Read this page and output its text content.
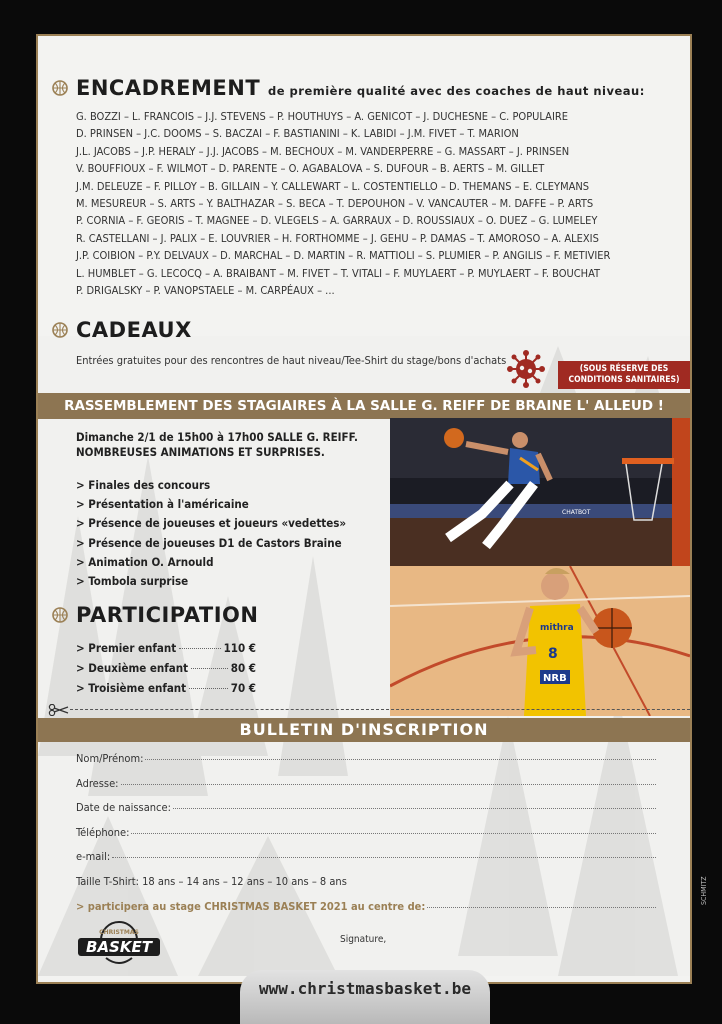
ENCADREMENT de première qualité avec des coaches de haut niveau:
G. BOZZI – L. FRANCOIS – J.J. STEVENS – P. HOUTHUYS – A. GENICOT – J. DUCHESNE – C. POPULAIRE
D. PRINSEN – J.C. DOOMS – S. BACZAI – F. BASTIANINI – K. LABIDI – J.M. FIVET – T. MARION
J.L. JACOBS – J.P. HERALY – J.J. JACOBS – M. BECHOUX – M. VANDERPERRE – G. MASSART – J. PRINSEN
V. BOUFFIOUX – F. WILMOT – D. PARENTE – O. AGABALOVA – S. DUFOUR – B. AERTS – M. GILLET
J.M. DELEUZE – F. PILLOY – B. GILLAIN – Y. CALLEWART – L. COSTENTIELLO – D. THEMANS – E. CLEYMANS
M. MESUREUR – S. ARTS – Y. BALTHAZAR – S. BECA – T. DEPOUHON – V. VANCAUTER – M. DAFFE – P. ARTS
P. CORNIA – F. GEORIS – T. MAGNEE – D. VLEGELS – A. GARRAUX – D. ROUSSIAUX – O. DUEZ – G. LUMELEY
R. CASTELLANI – J. PALIX – E. LOUVRIER – H. FORTHOMME – J. GEHU – P. DAMAS – T. AMOROSO – A. ALEXIS
J.P. COIBION – P.Y. DELVAUX – D. MARCHAL – D. MARTIN – R. MATTIOLI – S. PLUMIER – P. ANGILIS – F. METIVIER
L. HUMBLET – G. LECOCQ – A. BRAIBANT – M. FIVET – T. VITALI – F. MUYLAERT – P. MUYLAERT – F. BOUCHAT
P. DRIGALSKY – P. VANOPSTAELE – M. CARPÉAUX – ...
CADEAUX
Entrées gratuites pour des rencontres de haut niveau/Tee-Shirt du stage/bons d'achats
(SOUS RÉSERVE DES
CONDITIONS SANITAIRES)
RASSEMBLEMENT DES STAGIAIRES À LA SALLE G. REIFF DE BRAINE L' ALLEUD !
Dimanche 2/1 de 15h00 à 17h00 SALLE G. REIFF.
NOMBREUSES ANIMATIONS ET SURPRISES.
> Finales des concours
> Présentation à l'américaine
> Présence de joueuses et joueurs «vedettes»
> Présence de joueuses D1 de Castors Braine
> Animation O. Arnould
> Tombola surprise
PARTICIPATION
> Premier enfant	110 €
> Deuxième enfant	80 €
> Troisième enfant	70 €
CHATBOT
mithra
8
NRB
BULLETIN D'INSCRIPTION
Nom/Prénom:
Adresse:
Date de naissance:
Téléphone:
e-mail:
Taille T-Shirt: 18 ans – 14 ans – 12 ans – 10 ans – 8 ans
> participera au stage CHRISTMAS BASKET 2021 au centre de:
Signature,
CHRISTMAS
BASKET
www.christmasbasket.be
SCHMITZ
